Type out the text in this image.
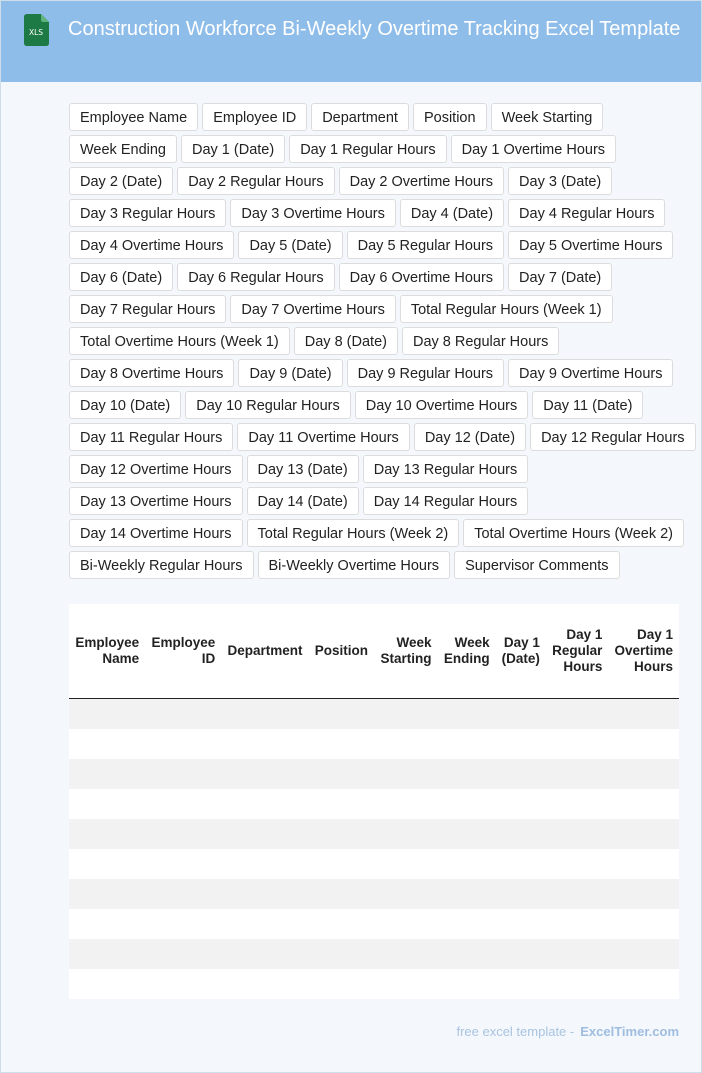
XLS	Construction Workforce Bi-Weekly Overtime Tracking Excel Template
Employee Name	Employee ID	Department	Position	Week Starting
Week Ending	Day 1 (Date)	Day 1 Regular Hours	Day 1 Overtime Hours
Day 2 (Date)	Day 2 Regular Hours	Day 2 Overtime Hours	Day 3 (Date)
Day 3 Regular Hours	Day 3 Overtime Hours	Day 4 (Date)	Day 4 Regular Hours
Day 4 Overtime Hours	Day 5 (Date)	Day 5 Regular Hours	Day 5 Overtime Hours
Day 6 (Date)	Day 6 Regular Hours	Day 6 Overtime Hours	Day 7 (Date)
Day 7 Regular Hours	Day 7 Overtime Hours	Total Regular Hours (Week 1)
Total Overtime Hours (Week 1)	Day 8 (Date)	Day 8 Regular Hours
Day 8 Overtime Hours	Day 9 (Date)	Day 9 Regular Hours	Day 9 Overtime Hours
Day 10 (Date)	Day 10 Regular Hours	Day 10 Overtime Hours	Day 11 (Date)
Day 11 Regular Hours	Day 11 Overtime Hours	Day 12 (Date)	Day 12 Regular Hours
Day 12 Overtime Hours	Day 13 (Date)	Day 13 Regular Hours
Day 13 Overtime Hours	Day 14 (Date)	Day 14 Regular Hours
Day 14 Overtime Hours	Total Regular Hours (Week 2)	Total Overtime Hours (Week 2)
Bi-Weekly Regular Hours	Bi-Weekly Overtime Hours	Supervisor Comments
Employee Name	Employee ID	Department	Position	Week Starting	Week Ending	Day 1 (Date)	Day 1 Regular Hours	Day 1 Overtime Hours

free excel template - ExcelTimer.com
